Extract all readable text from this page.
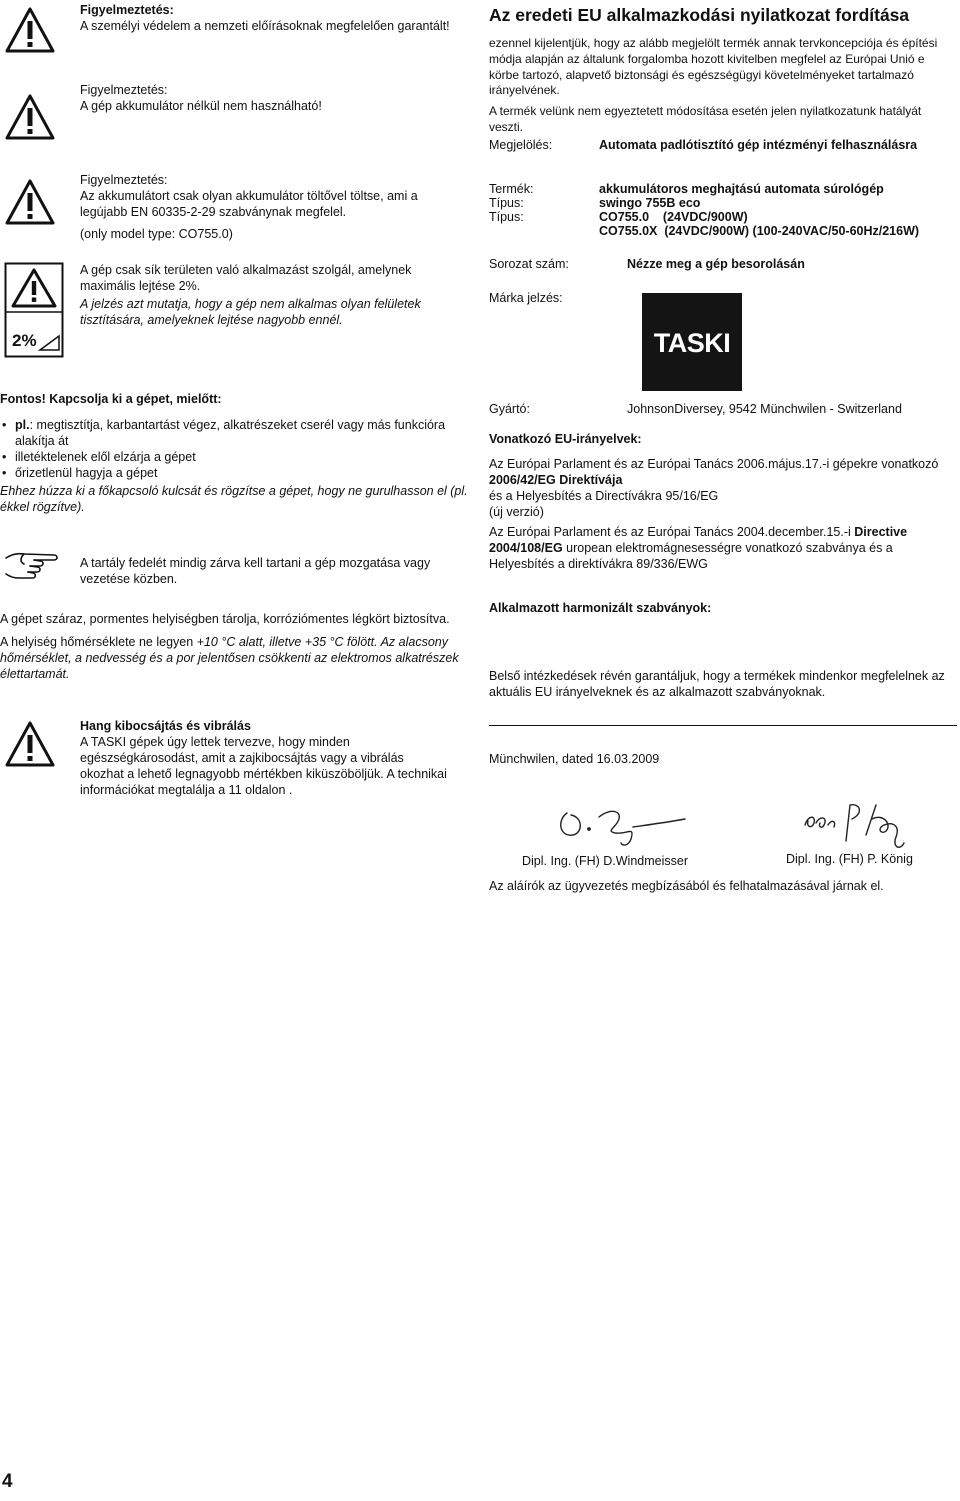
Figyelmeztetés:

A személyi védelem a nemzeti előírásoknak megfelelően garantált!

Figyelmeztetés:

A gép akkumulátor nélkül nem használható!

Figyelmeztetés:

Az akkumulátort csak olyan akkumulátor töltővel töltse, ami a legújabb EN 60335-2-29 szabványnak megfelel.

(only model type: CO755.0)

2%

A gép csak sík területen való alkalmazást szolgál, amelynek maximális lejtése 2%.

A jelzés azt mutatja, hogy a gép nem alkalmas olyan felületek tisztítására, amelyeknek lejtése nagyobb ennél.

Fontos! Kapcsolja ki a gépet, mielőtt:

• pl.: megtisztítja, karbantartást végez, alkatrészeket cserél vagy más funkcióra alakítja át
• illetéktelenek elől elzárja a gépet
• őrizetlenül hagyja a gépet

Ehhez húzza ki a főkapcsoló kulcsát és rögzítse a gépet, hogy ne gurulhasson el (pl. ékkel rögzítve).

A tartály fedelét mindig zárva kell tartani a gép mozgatása vagy vezetése közben.

A gépet száraz, pormentes helyiségben tárolja, korróziómentes légkört biztosítva.

A helyiség hőmérséklete ne legyen +10 °C alatt, illetve +35 °C fölött. Az alacsony hőmérséklet, a nedvesség és a por jelentősen csökkenti az elektromos alkatrészek élettartamát.

Hang kibocsájtás és vibrálás

A TASKI gépek úgy lettek tervezve, hogy minden egészségkárosodást, amit a zajkibocsájtás vagy a vibrálás okozhat a lehető legnagyobb mértékben kiküszöböljük. A technikai információkat megtalálja a 11 oldalon .

Az eredeti EU alkalmazkodási nyilatkozat fordítása

ezennel kijelentjük, hogy az alább megjelölt termék annak tervkoncepciója és építési módja alapján az általunk forgalomba hozott kivitelben megfelel az Európai Unió e körbe tartozó, alapvető biztonsági és egészségügyi követelményeket tartalmazó irányelvének.

A termék velünk nem egyeztetett módosítása esetén jelen nyilatkozatunk hatályát veszti.

Megjelölés:	Automata padlótisztító gép intézményi felhasználásra
Termék:	akkumulátoros meghajtású automata súrológép
Típus:	swingo 755B eco
Típus:	CO755.0    (24VDC/900W)
CO755.0X  (24VDC/900W) (100-240VAC/50-60Hz/216W)
Sorozat szám:	Nézze meg a gép besorolásán
Márka jelzés:
TASKI
Gyártó:	JohnsonDiversey, 9542 Münchwilen - Switzerland
Vonatkozó EU-irányelvek:

Az Európai Parlament és az Európai Tanács 2006.május.17.-i gépekre vonatkozó 2006/42/EG Direktívája

és a Helyesbítés a Directívákra 95/16/EG

(új verzió)

Az Európai Parlament és az Európai Tanács 2004.december.15.-i Directive 2004/108/EG uropean elektromágnesességre vonatkozó szabványa és a Helyesbítés a direktívákra 89/336/EWG

Alkalmazott harmonizált szabványok:
Belső intézkedések révén garantáljuk, hogy a termékek mindenkor megfelelnek az aktuális EU irányelveknek és az alkalmazott szabványoknak.
Münchwilen, dated 16.03.2009
Dipl. Ing. (FH) D.Windmeisser	Dipl. Ing. (FH) P. König
Az aláírók az ügyvezetés megbízásából és felhatalmazásával járnak el.
4
